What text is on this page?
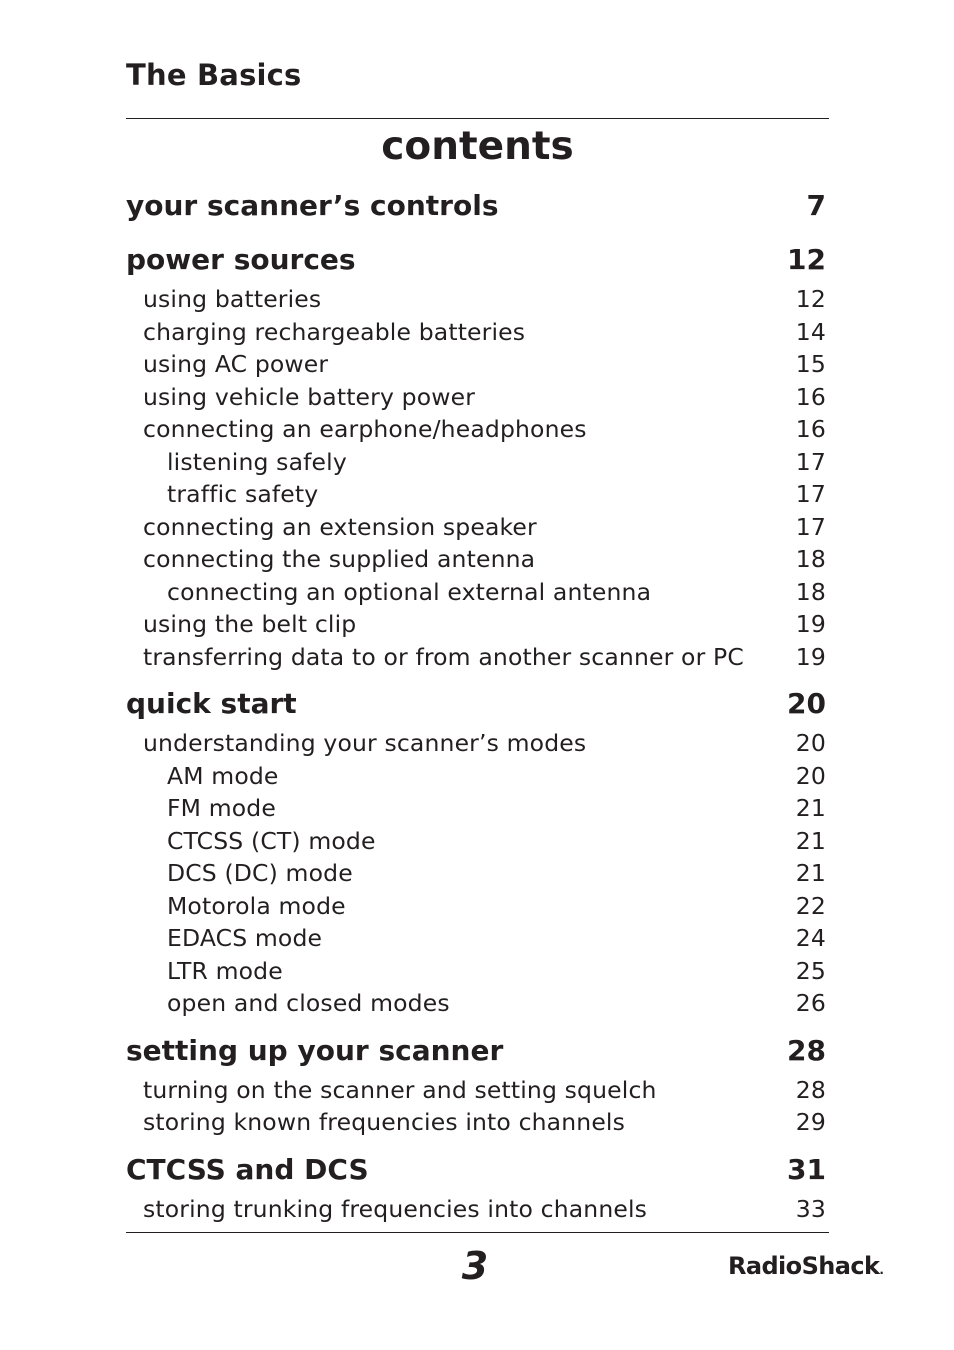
The Basics
contents
your scanner’s controls	7
power sources	12
using batteries	12
charging rechargeable batteries	14
using AC power	15
using vehicle battery power	16
connecting an earphone/headphones	16
listening safely	17
traffic safety	17
connecting an extension speaker	17
connecting the supplied antenna	18
connecting an optional external antenna	18
using the belt clip	19
transferring data to or from another scanner or PC 19
quick start	20
understanding your scanner’s modes	20
AM mode	20
FM mode	21
CTCSS (CT) mode	21
DCS (DC) mode	21
Motorola mode	22
EDACS mode	24
LTR mode	25
open and closed modes	26
setting up your scanner	28
turning on the scanner and setting squelch	28
storing known frequencies into channels	29
CTCSS and DCS	31
storing trunking frequencies into channels	33
3	RadioShack.
